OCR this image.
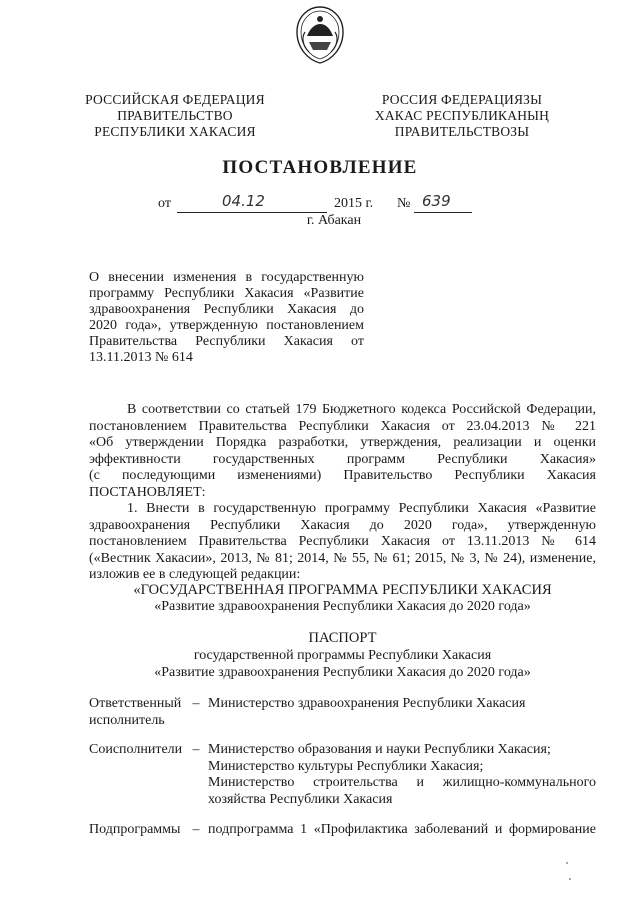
РОССИЙСКАЯ ФЕДЕРАЦИЯ
ПРАВИТЕЛЬСТВО
РЕСПУБЛИКИ ХАКАСИЯ
РОССИЯ ФЕДЕРАЦИЯЗЫ
ХАКАС РЕСПУБЛИКАНЫҢ
ПРАВИТЕЛЬСТВОЗЫ
ПОСТАНОВЛЕНИЕ
от	04.12	2015 г. № 639
г. Абакан
О внесении изменения в государственную
программу Республики Хакасия «Развитие
здравоохранения Республики Хакасия до
2020 года», утвержденную постановлением
Правительства Республики Хакасия от
13.11.2013 № 614
В соответствии со статьей 179 Бюджетного кодекса Российской Федерации,
постановлением Правительства Республики Хакасия от 23.04.2013 № 221
«Об утверждении Порядка разработки, утверждения, реализации и оценки
эффективности государственных программ Республики Хакасия»
(с последующими изменениями) Правительство Республики Хакасия
ПОСТАНОВЛЯЕТ:
1. Внести в государственную программу Республики Хакасия «Развитие
здравоохранения Республики Хакасия до 2020 года», утвержденную
постановлением Правительства Республики Хакасия от 13.11.2013 № 614
(«Вестник Хакасии», 2013, № 81; 2014, № 55, № 61; 2015, № 3, № 24), изменение,
изложив ее в следующей редакции:
«ГОСУДАРСТВЕННАЯ ПРОГРАММА РЕСПУБЛИКИ ХАКАСИЯ
«Развитие здравоохранения Республики Хакасия до 2020 года»
ПАСПОРТ
государственной программы Республики Хакасия
«Развитие здравоохранения Республики Хакасия до 2020 года»
Ответственный
исполнитель
– Министерство здравоохранения Республики Хакасия
Соисполнители – Министерство образования и науки Республики Хакасия;
Министерство культуры Республики Хакасия;
Министерство строительства и жилищно-коммунального
хозяйства Республики Хакасия
Подпрограммы – подпрограмма 1 «Профилактика заболеваний и формирование
